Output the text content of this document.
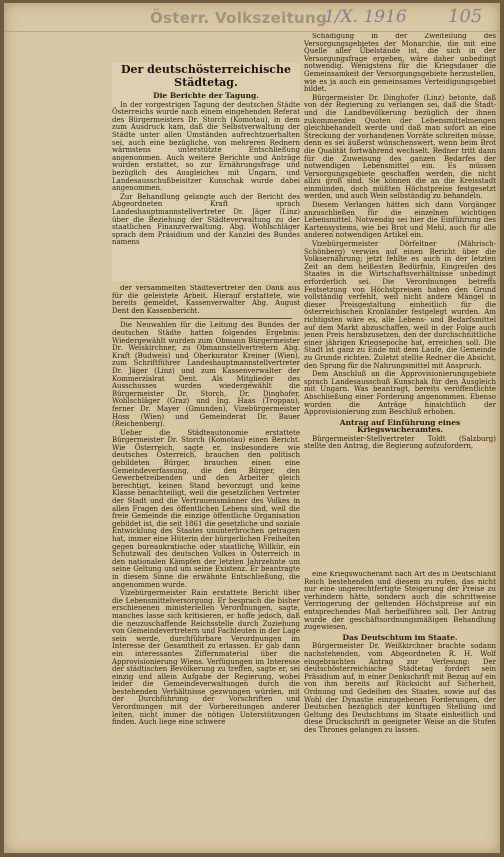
Österr. Volkszeitung
1/X. 1916 105
Der deutschösterreichische Städtetag.
Die Berichte der Tagung.

In der vorgestrigen Tagung der deutschen Städte Österreichs wurde nach einem eingehenden Referat des Bürgermeisters Dr. Storch (Komotau), in dem zum Ausdruck kam, daß die Selbstverwaltung der Städte unter allen Umständen aufrechtzuerhalten sei, auch eine bezügliche, von mehreren Rednern wärmstens unterstützte Entschließung angenommen. Auch weitere Berichte und Anträge wurden erstattet, so zur Ernährungsfrage und bezüglich des Ausgleiches mit Ungarn, und Landesausschußbeisitzer Kunschak wurde dabei angenommen.

Zur Behandlung gelangte auch der Bericht des Abgeordneten Kraft sprach Landeshauptmannstellvertreter Dr. Jäger (Linz) über die Beziehung der Städteverwaltung zu der staatlichen Finanzverwaltung. Abg. Wohlschläger sprach dem Präsidium und der Kanzlei des Bundes namens

Schädigung in der Zweiteilung des Versorgungsgebietes der Monarchie, die mit eine Quelle aller Übelstände ist, die sich in der Versorgungsfrage ergeben, wäre daher unbedingt notwendig. Wenigstens für die Kriegsdauer die Gemeinsamkeit der Versorgungsgebiete herzustellen, wie es ja auch ein gemeinsames Verteidigungsgebiet bildet.

Bürgermeister Dr. Dinghofer (Linz) betonte, daß von der Regierung zu verlangen sei, daß die Stadt- und die Landbevölkerung bezüglich der ihnen zukommenden Quoten der Lebensmittelmengen gleichbehandelt werde und daß man sofort an eine Streckung der vorhandenen Vorräte schreiten müsse, denn es sei äußerst wünschenswert, wenn beim Brot die Qualität fortwährend wechselt. Redner tritt dann für die Zuweisung des ganzen Bedarfes der notwendigen Lebensmittel ein. Es müssen Versorgungsgebiete geschaffen werden, die nicht allzu groß sind. Sie können die an die Kreisstadt einmünden, doch müßten Höchstpreise festgesetzt werden, und auch Wein selbständig zu behandeln.

Diesem Verlangen hätten sich dann Vorgänger anzuschließen für die einzelnen wichtigen Lebensmittel. Notwendig sei hier die Einführung des Kartensystems, wie bei Brot und Mehl, auch für alle anderen notwendigen Artikel ein.

Vizebürgermeister Dörfeltner (Mährisch-Schönberg) verwies auf einen Bericht über die Volksernährung; jetzt fehlte es auch in der letzten Zeit an dem heißesten Bedürfnis, Eingreifen des Staates in die Wirtschaftsverhältnisse unbedingt erforderlich sei. Die Verordnungen betreffs Festsetzung von Höchstpreisen haben den Grund vollständig verfehlt, weil nicht andere Mängel in dieser Preisgestaltung einheitlich für die österreichischen Kronländer festgelegt wurden. Am richtigsten wäre es, alle Lebens- und Bedarfsmittel auf dem Markt abzuschaffen, weil in der Folge auch jenen Preis herabzusetzen, den der durchschnittliche einer jährigen Kriegsepoche hat, erreichen soll. Die Stadt ist ganz zu Ende mit dem Laufe, die Gemeinde zu Grunde richten. Zuletzt stellte Redner die Absicht, den Sprung für die Nahrungsmittel mit Anspruch.

Dem Anschluß an die Approvisionierungsgebiete sprach Landesausschuß Kunschak für den Ausgleich mit Ungarn. Was beantragt, bereits veröffentlichte Abschließung einer Forderung angenommen. Ebenso wurden die Anträge hinsichtlich der Approvisionierung zum Beschluß erhoben.

Antrag auf Einführung eines Kriegswucheramtes.

Bürgermeister-Stellvertreter Toldt (Salzburg) stellte den Antrag, die Regierung aufzufordern,

der versammelten Städtevertreter den Dank aus für die geleistete Arbeit. Hierauf erstattete, wie bereits gemeldet, Kassenverwalter Abg. August Dent den Kassenbericht.

Die Neuwahlen für die Leitung des Bundes der deutschen Städte hatten folgendes Ergebnis: Wiedergewählt wurden zum Obmann Bürgermeister Dr. Weiskirchner, zu Obmannstellvertretern Abg. Kraft (Budweis) und Oberkurator Kreiner (Wien), zum Schriftführer Landeshauptmannstellvertreter Dr. Jäger (Linz) und zum Kassenverwalter der Kommerzialrat Dent. Als Mitglieder des Ausschusses wurden wiedergewählt die Bürgermeister Dr. Storch, Dr. Dinghofer, Wohlschläger (Graz) und Ing. Haas (Troppau), ferner Dr. Mayer (Gmunden), Vizebürgermeister Hoss (Wien) und Gemeinderat Dr. Bauer (Reichenberg).

Ueber die Städteautonomie erstattete Bürgermeister Dr. Storch (Komotau) einen Bericht. Wie Österreich, sagte er, insbesondere wie deutsches Österreich, brauchen den politisch gebildeten Bürger, brauchen einen eine Gemeindeverfassung, die den Bürger, den Gewerbetreibenden und den Arbeiter gleich berechtigt, keinen Stand bevorzugt und keine Klasse benachteiligt, weil die gesetzlichen Vertreter der Stadt und die Vertrauensmänner des Volkes in allen Fragen des öffentlichen Lebens sind, weil die freie Gemeinde die einzige öffentliche Organisation gebildet ist, die seit 1861 die gesetzliche und soziale Entwicklung des Staates ununterbrochen getragen hat, immer eine Hüterin der bürgerlichen Freiheiten gegen bureaukratische oder staatliche Willkür, ein Schutzwall des deutschen Volkes in Österreich in den nationalen Kämpfen der letzten Jahrzehnte um seine Geltung und um seine Existenz. Er beantragte in diesem Sinne die erwähnte Entschließung, die angenommen wurde.

Vizebürgermeister Rain erstattete Bericht über die Lebensmittelversorgung. Er besprach die bisher erschienenen ministeriellen Verordnungen, sagte, manches lasse sich kritisieren, er hoffe jedoch, daß die neuzuschaffende Reichsstelle durch Zuziehung von Gemeindevertretern und Fachleuten in der Lage sein werde, durchführbare Verordnungen im Interesse der Gesamtheit zu erlassen. Er gab dann ein interessantes Ziffernmaterial über die Approvisionierung Wiens. Verfügungen im Interesse der städtischen Bevölkerung zu treffen, sagte er, sei einzig und allein Aufgabe der Regierung, wobei leider die Gemeindeverwaltungen durch die bestehenden Verhältnisse gezwungen würden, mit der Durchführung der Vorschriften und Verordnungen mit der Vorbereitungen anderer leiten, nicht immer die nötigen Unterstützungen finden. Auch liege eine schwere

eine Kriegswucheramt nach Art des in Deutschland Reich bestehenden und diesem zu rufen, das nicht nur eine ungerechtfertigte Steigerung der Preise zu verhindern hätte, sondern auch die schrittweise Verringerung der geltenden Höchstpreise auf ein entsprechendes Maß herbeiführen soll. Der Antrag wurde der geschäftsordnungsmäßigen Behandlung zugewiesen.

Das Deutschtum im Staate.

Bürgermeister Dr. Weißkirchner brachte sodann nachstehenden, vom Abgeordneten R. H. Wolf eingebrachten Antrag zur Verlesung: Der deutschösterreichische Städtetag fordert sein Präsidium auf, in einer Denkschrift mit Bezug auf ein von ihm bereits auf Rücksicht auf Sicherheit, Ordnung und Gedeihen des Staates, sowie auf das Wohl der Dynastie einzugebenen Forderungen, der Deutschen bezüglich der künftigen Stellung und Geltung des Deutschtums im Staate einheitlich und diese Druckschrift in geeigneter Weise an die Stufen des Thrones gelangen zu lassen.
